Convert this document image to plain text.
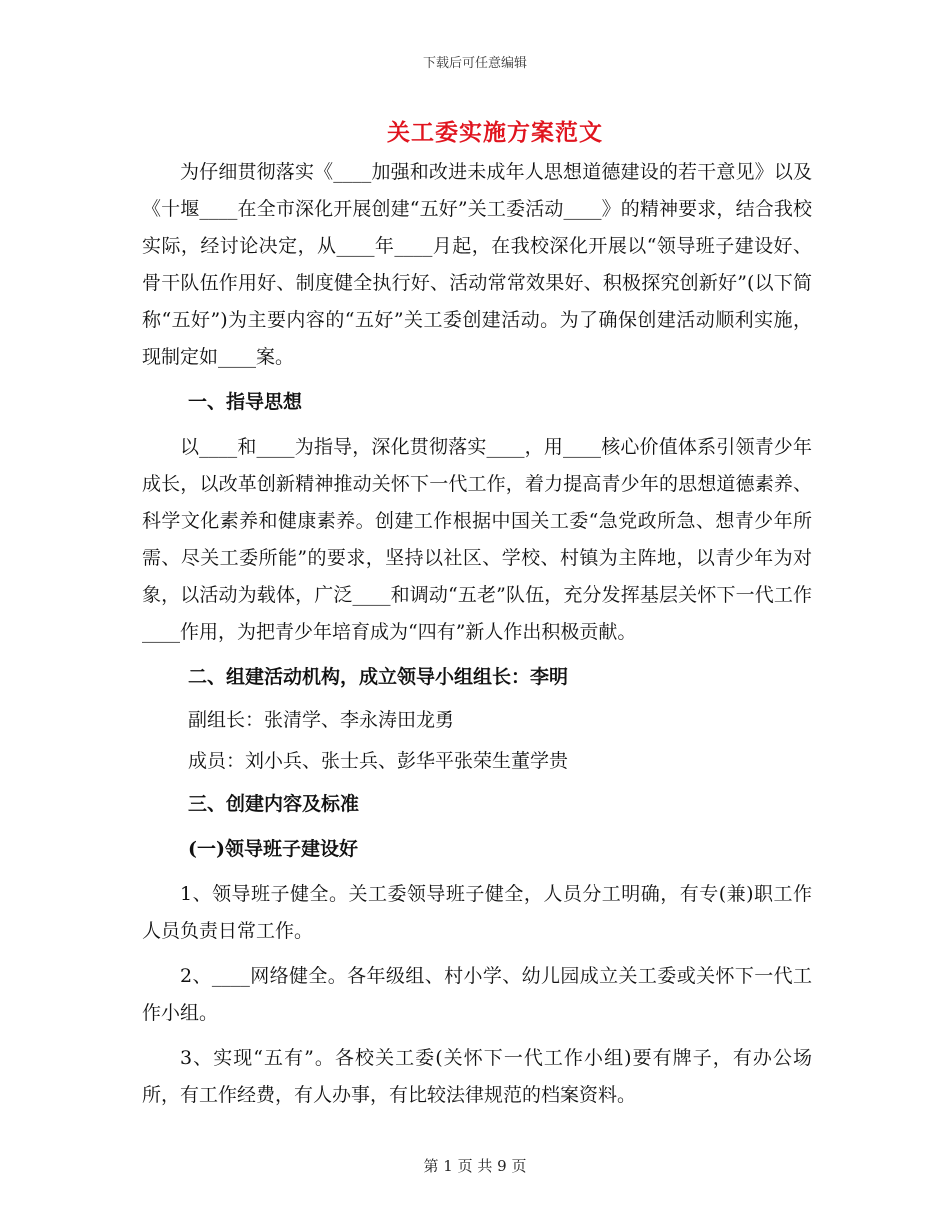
下载后可任意编辑
关工委实施方案范文

为仔细贯彻落实《____加强和改进未成年人思想道德建设的若干意见》以及《十堰____在全市深化开展创建“五好”关工委活动____》的精神要求，结合我校实际，经讨论决定，从____年____月起，在我校深化开展以“领导班子建设好、骨干队伍作用好、制度健全执行好、活动常常效果好、积极探究创新好”(以下简称“五好”)为主要内容的“五好”关工委创建活动。为了确保创建活动顺利实施，现制定如____案。

一、指导思想

以____和____为指导，深化贯彻落实____，用____核心价值体系引领青少年成长，以改革创新精神推动关怀下一代工作，着力提高青少年的思想道德素养、科学文化素养和健康素养。创建工作根据中国关工委“急党政所急、想青少年所需、尽关工委所能”的要求，坚持以社区、学校、村镇为主阵地，以青少年为对象，以活动为载体，广泛____和调动“五老”队伍，充分发挥基层关怀下一代工作____作用，为把青少年培育成为“四有”新人作出积极贡献。

二、组建活动机构，成立领导小组组长：李明

副组长：张清学、李永涛田龙勇

成员：刘小兵、张士兵、彭华平张荣生董学贵

三、创建内容及标准

(一)领导班子建设好

1、领导班子健全。关工委领导班子健全，人员分工明确，有专(兼)职工作人员负责日常工作。

2、____网络健全。各年级组、村小学、幼儿园成立关工委或关怀下一代工作小组。

3、实现“五有”。各校关工委(关怀下一代工作小组)要有牌子，有办公场所，有工作经费，有人办事，有比较法律规范的档案资料。

第 1 页 共 9 页
